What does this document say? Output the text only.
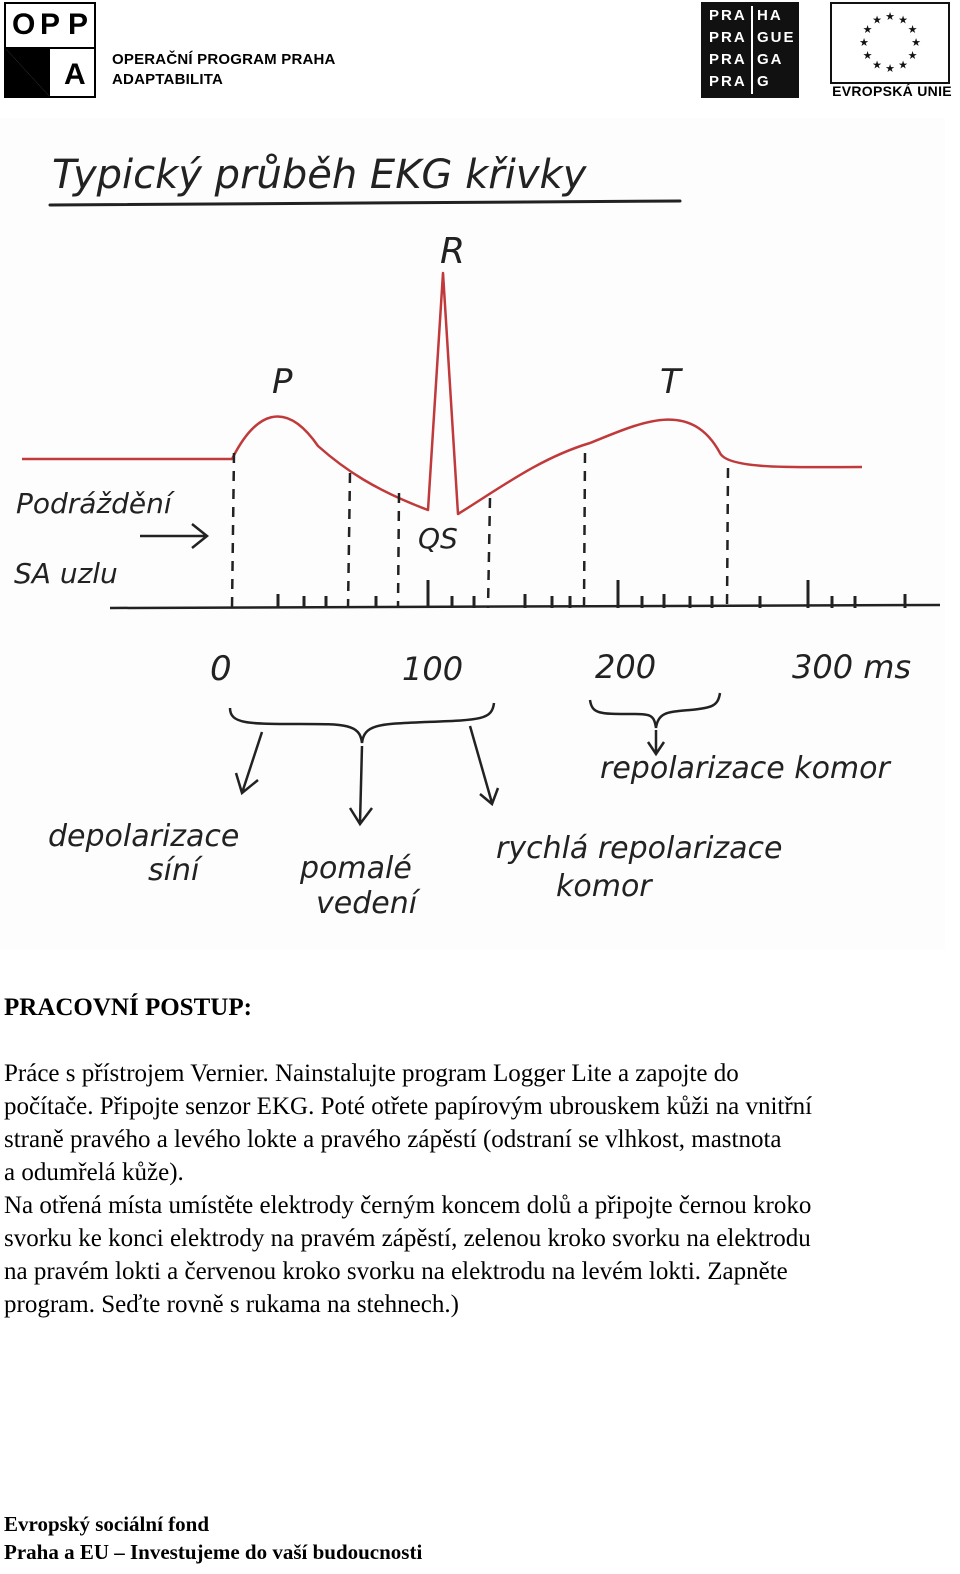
O P P
A OPERAČNÍ PROGRAM PRAHA
ADAPTABILITA
PRA HA
PRA GUE
PRA GA
PRA G
★ ★
★
★
★
★
★
★
★
★
★
★
EVROPSKÁ UNIE
Typický průběh EKG křivky
P
R
T
QS
Podráždění
SA uzlu
0	100	200	300 ms
depolarizace
síní	pomalé
vedení
rychlá repolarizace
komor
repolarizace komor
PRACOVNÍ POSTUP:

Práce s přístrojem Vernier. Nainstalujte program Logger Lite a zapojte do

počítače. Připojte senzor EKG. Poté otřete papírovým ubrouskem kůži na vnitřní

straně pravého a levého lokte a pravého zápěstí (odstraní se vlhkost, mastnota

a odumřelá kůže).

Na otřená místa umístěte elektrody černým koncem dolů a připojte černou kroko

svorku ke konci elektrody na pravém zápěstí, zelenou kroko svorku na elektrodu

na pravém lokti a červenou kroko svorku na elektrodu na levém lokti. Zapněte

program. Seďte rovně s rukama na stehnech.)

Evropský sociální fond
Praha a EU – Investujeme do vaší budoucnosti
